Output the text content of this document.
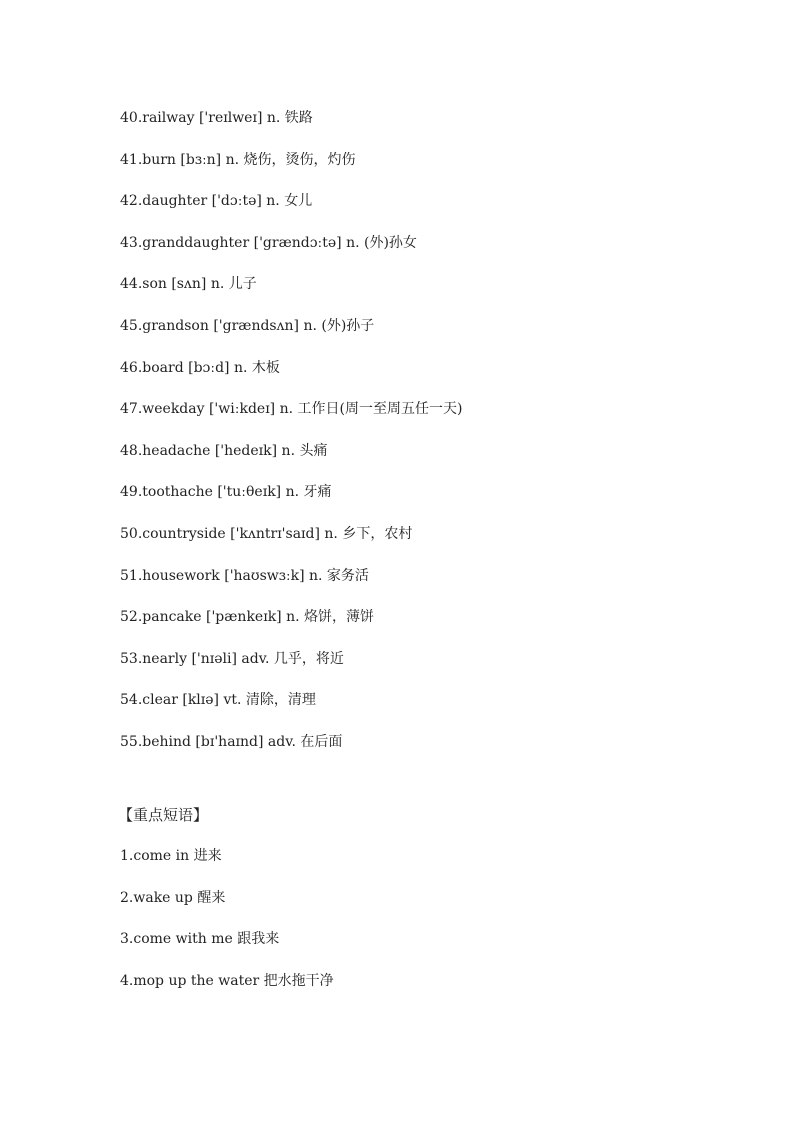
40.railway ['reɪlweɪ] n. 铁路
41.burn [bɜːn] n. 烧伤，烫伤，灼伤
42.daughter ['dɔːtə] n. 女儿
43.granddaughter ['grændɔːtə] n. (外)孙女
44.son [sʌn] n. 儿子
45.grandson ['grændsʌn] n. (外)孙子
46.board [bɔːd] n. 木板
47.weekday ['wiːkdeɪ] n. 工作日(周一至周五任一天)
48.headache ['hedeɪk] n. 头痛
49.toothache ['tuːθeɪk] n. 牙痛
50.countryside ['kʌntrɪ'saɪd] n. 乡下，农村
51.housework ['haʊswɜːk] n. 家务活
52.pancake ['pænkeɪk] n. 烙饼，薄饼
53.nearly ['nɪəli] adv. 几乎，将近
54.clear [klɪə] vt. 清除，清理
55.behind [bɪ'haɪnd] adv. 在后面
【重点短语】
1.come in 进来
2.wake up 醒来
3.come with me 跟我来
4.mop up the water 把水拖干净
